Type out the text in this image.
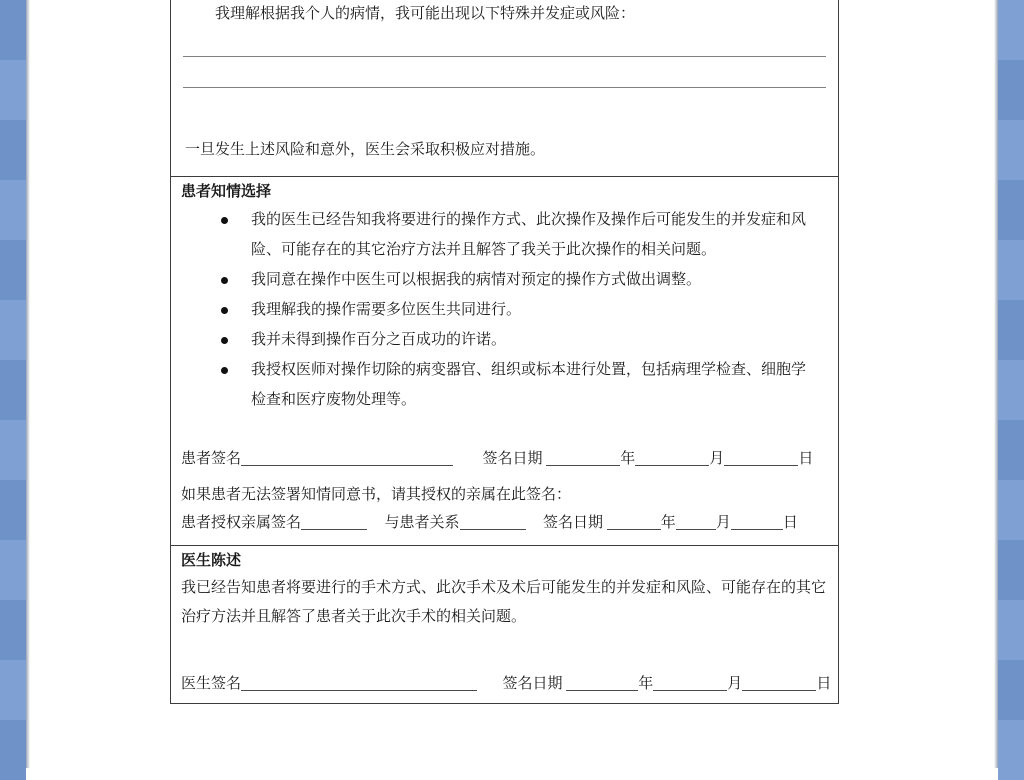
我理解根据我个人的病情，我可能出现以下特殊并发症或风险：
一旦发生上述风险和意外，医生会采取积极应对措施。
患者知情选择
我的医生已经告知我将要进行的操作方式、此次操作及操作后可能发生的并发症和风险、可能存在的其它治疗方法并且解答了我关于此次操作的相关问题。
我同意在操作中医生可以根据我的病情对预定的操作方式做出调整。
我理解我的操作需要多位医生共同进行。
我并未得到操作百分之百成功的许诺。
我授权医师对操作切除的病变器官、组织或标本进行处置，包括病理学检查、细胞学检查和医疗废物处理等。
患者签名	签名日期	年	月	日
如果患者无法签署知情同意书，请其授权的亲属在此签名：
患者授权亲属签名	与患者关系	签名日期	年	月	日
医生陈述
我已经告知患者将要进行的手术方式、此次手术及术后可能发生的并发症和风险、可能存在的其它治疗方法并且解答了患者关于此次手术的相关问题。
医生签名	签名日期	年	月	日
